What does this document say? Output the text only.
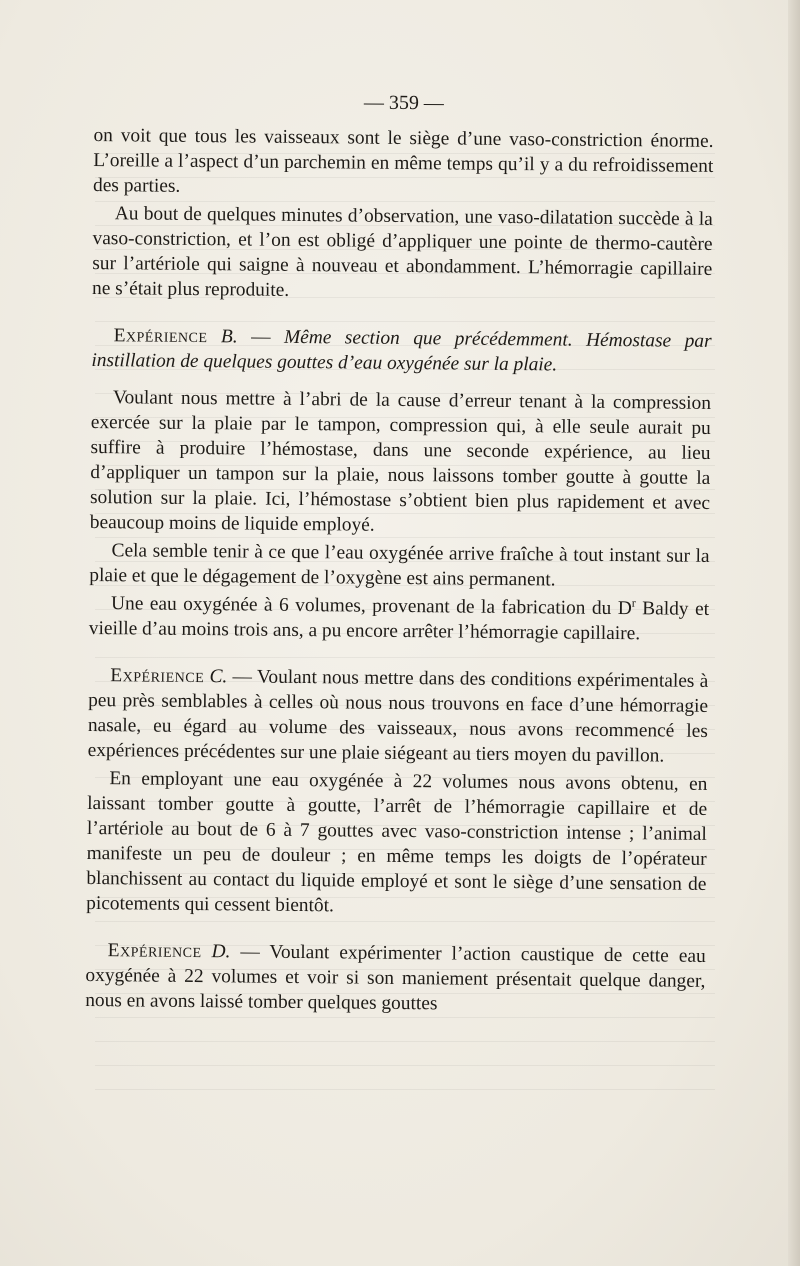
— 359 —

on voit que tous les vaisseaux sont le siège d’une vaso-constriction énorme. L’oreille a l’aspect d’un parchemin en même temps qu’il y a du refroidissement des parties.

Au bout de quelques minutes d’observation, une vaso-dilatation succède à la vaso-constriction, et l’on est obligé d’appliquer une pointe de thermo-cautère sur l’artériole qui saigne à nouveau et abondamment. L’hémorragie capillaire ne s’était plus reproduite.

Expérience B. — Même section que précédemment. Hémostase par instillation de quelques gouttes d’eau oxygénée sur la plaie.

Voulant nous mettre à l’abri de la cause d’erreur tenant à la compression exercée sur la plaie par le tampon, compression qui, à elle seule aurait pu suffire à produire l’hémostase, dans une seconde expérience, au lieu d’appliquer un tampon sur la plaie, nous laissons tomber goutte à goutte la solution sur la plaie. Ici, l’hémostase s’obtient bien plus rapidement et avec beaucoup moins de liquide employé.

Cela semble tenir à ce que l’eau oxygénée arrive fraîche à tout instant sur la plaie et que le dégagement de l’oxygène est ains permanent.

Une eau oxygénée à 6 volumes, provenant de la fabrication du $D^r$ Baldy et vieille d’au moins trois ans, a pu encore arrêter l’hémorragie capillaire.

Expérience C. — Voulant nous mettre dans des conditions expérimentales à peu près semblables à celles où nous nous trouvons en face d’une hémorragie nasale, eu égard au volume des vaisseaux, nous avons recommencé les expériences précédentes sur une plaie siégeant au tiers moyen du pavillon.

En employant une eau oxygénée à 22 volumes nous avons obtenu, en laissant tomber goutte à goutte, l’arrêt de l’hémorragie capillaire et de l’artériole au bout de 6 à 7 gouttes avec vaso-constriction intense ; l’animal manifeste un peu de douleur ; en même temps les doigts de l’opérateur blanchissent au contact du liquide employé et sont le siège d’une sensation de picotements qui cessent bientôt.

Expérience D. — Voulant expérimenter l’action caustique de cette eau oxygénée à 22 volumes et voir si son maniement présentait quelque danger, nous en avons laissé tomber quelques gouttes
